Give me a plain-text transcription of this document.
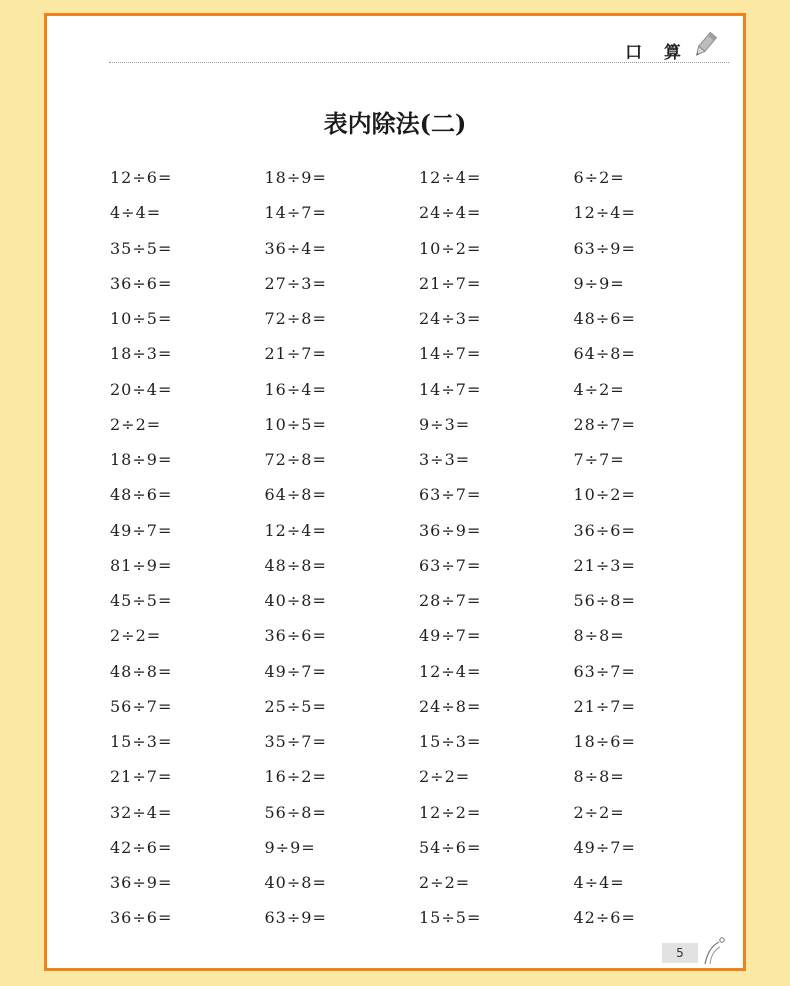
口 算
表内除法(二)
12÷6=	18÷9=	12÷4=	6÷2=
4÷4=	14÷7=	24÷4=	12÷4=
35÷5=	36÷4=	10÷2=	63÷9=
36÷6=	27÷3=	21÷7=	9÷9=
10÷5=	72÷8=	24÷3=	48÷6=
18÷3=	21÷7=	14÷7=	64÷8=
20÷4=	16÷4=	14÷7=	4÷2=
2÷2=	10÷5=	9÷3=	28÷7=
18÷9=	72÷8=	3÷3=	7÷7=
48÷6=	64÷8=	63÷7=	10÷2=
49÷7=	12÷4=	36÷9=	36÷6=
81÷9=	48÷8=	63÷7=	21÷3=
45÷5=	40÷8=	28÷7=	56÷8=
2÷2=	36÷6=	49÷7=	8÷8=
48÷8=	49÷7=	12÷4=	63÷7=
56÷7=	25÷5=	24÷8=	21÷7=
15÷3=	35÷7=	15÷3=	18÷6=
21÷7=	16÷2=	2÷2=	8÷8=
32÷4=	56÷8=	12÷2=	2÷2=
42÷6=	9÷9=	54÷6=	49÷7=
36÷9=	40÷8=	2÷2=	4÷4=
36÷6=	63÷9=	15÷5=	42÷6=
5
